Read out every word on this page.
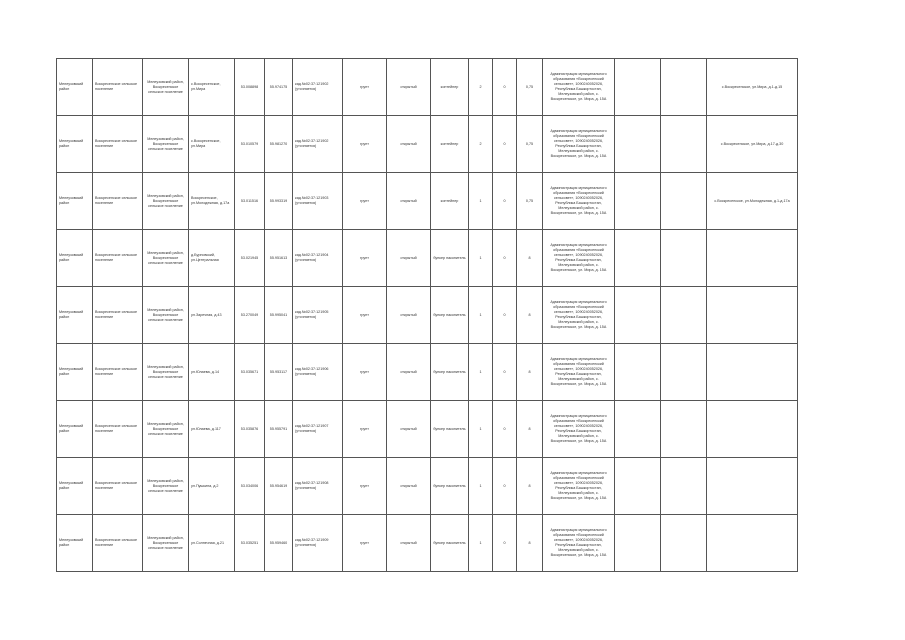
Мелеузовский район	Воскресенское сельское поселение	Мелеузовский район, Воскресенское сельское поселение	с.Воскресенское, ул.Мира	53.008898	55.974175	кад.№02:37:121902 (уточняется)	грунт	открытый	контейнер	2	0	0,75	Администрация муниципального образования «Воскресенский сельсовет», 1090240052026, Республика Башкортостан, Мелеузовский район, с. Воскресенское, ул. Мира, д. 15А			с.Воскресенское, ул.Мира, д.1-д.15
Мелеузовский район	Воскресенское сельское поселение	Мелеузовский район, Воскресенское сельское поселение	с.Воскресенское, ул.Мира	53.010579	55.981270	кад.№02:37:121902 (уточняется)	грунт	открытый	контейнер	2	0	0,75	Администрация муниципального образования «Воскресенский сельсовет», 1090240052026, Республика Башкортостан, Мелеузовский район, с. Воскресенское, ул. Мира, д. 15А			с.Воскресенское, ул.Мира, д.17-д.30
Мелеузовский район	Воскресенское сельское поселение	Мелеузовский район, Воскресенское сельское поселение	Воскресенское, ул.Молодежная, д.17а	53.011516	55.993319	кад.№02:37:121903 (уточняется)	грунт	открытый	контейнер	1	0	0,75	Администрация муниципального образования «Воскресенский сельсовет», 1090240052026, Республика Башкортостан, Мелеузовский район, с. Воскресенское, ул. Мира, д. 15А			с.Воскресенское, ул.Молодежная, д.1-д.17а
Мелеузовский район	Воскресенское сельское поселение	Мелеузовский район, Воскресенское сельское поселение	д.Бурновский, ул.Центральная	53.021945	55.951613	кад.№02:37:121904 (уточняется)	грунт	открытый	бункер накопитель	1	0	8	Администрация муниципального образования «Воскресенский сельсовет», 1090240052026, Республика Башкортостан, Мелеузовский район, с. Воскресенское, ул. Мира, д. 15А			
Мелеузовский район	Воскресенское сельское поселение	Мелеузовский район, Воскресенское сельское поселение	ул.Заречная, д.43	53.270049	55.995041	кад.№02:37:121905 (уточняется)	грунт	открытый	бункер накопитель	1	0	8	Администрация муниципального образования «Воскресенский сельсовет», 1090240052026, Республика Башкортостан, Мелеузовский район, с. Воскресенское, ул. Мира, д. 15А			
Мелеузовский район	Воскресенское сельское поселение	Мелеузовский район, Воскресенское сельское поселение	ул.Юлаева, д.14	53.035671	55.953117	кад.№02:37:121906 (уточняется)	грунт	открытый	бункер накопитель	1	0	8	Администрация муниципального образования «Воскресенский сельсовет», 1090240052026, Республика Башкортостан, Мелеузовский район, с. Воскресенское, ул. Мира, д. 15А			
Мелеузовский район	Воскресенское сельское поселение	Мелеузовский район, Воскресенское сельское поселение	ул.Юлаева, д.117	53.035876	55.955791	кад.№02:37:121907 (уточняется)	грунт	открытый	бункер накопитель	1	0	8	Администрация муниципального образования «Воскресенский сельсовет», 1090240052026, Республика Башкортостан, Мелеузовский район, с. Воскресенское, ул. Мира, д. 15А			
Мелеузовский район	Воскресенское сельское поселение	Мелеузовский район, Воскресенское сельское поселение	ул.Пушкина, д.2	53.034006	55.954619	кад.№02:37:121908 (уточняется)	грунт	открытый	бункер накопитель	1	0	8	Администрация муниципального образования «Воскресенский сельсовет», 1090240052026, Республика Башкортостан, Мелеузовский район, с. Воскресенское, ул. Мира, д. 15А			
Мелеузовский район	Воскресенское сельское поселение	Мелеузовский район, Воскресенское сельское поселение	ул.Солнечная, д.21	53.035251	55.959460	кад.№02:37:121909 (уточняется)	грунт	открытый	бункер накопитель	1	0	8	Администрация муниципального образования «Воскресенский сельсовет», 1090240052026, Республика Башкортостан, Мелеузовский район, с. Воскресенское, ул. Мира, д. 15А			
